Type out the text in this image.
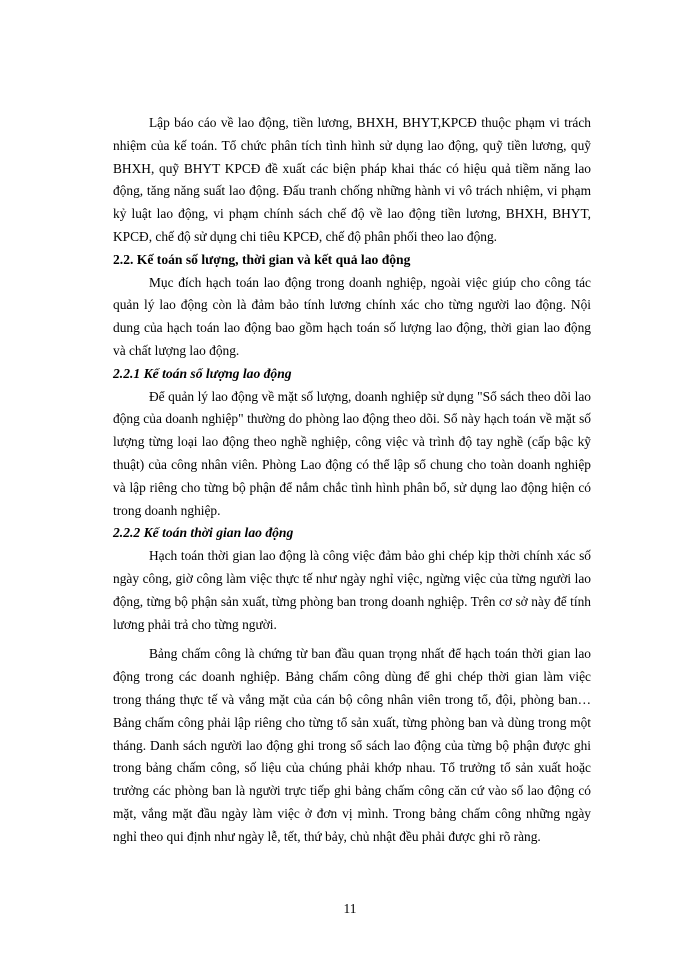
Lập báo cáo về lao động, tiền lương, BHXH, BHYT,KPCĐ thuộc phạm vi trách nhiệm của kế toán. Tổ chức phân tích tình hình sử dụng lao động, quỹ tiền lương, quỹ BHXH, quỹ BHYT KPCĐ đề xuất các biện pháp khai thác có hiệu quả tiềm năng lao động, tăng năng suất lao động. Đấu tranh chống những hành vi vô trách nhiệm, vi phạm kỷ luật lao động, vi phạm chính sách chế độ về lao động tiền lương, BHXH, BHYT, KPCĐ, chế độ sử dụng chi tiêu KPCĐ, chế độ phân phối theo lao động.

2.2. Kế toán số lượng, thời gian và kết quả lao động

Mục đích hạch toán lao động trong doanh nghiệp, ngoài việc giúp cho công tác quản lý lao động còn là đảm bảo tính lương chính xác cho từng người lao động. Nội dung của hạch toán lao động bao gồm hạch toán số lượng lao động, thời gian lao động và chất lượng lao động.

2.2.1 Kế toán số lượng lao động

Để quản lý lao động về mặt số lượng, doanh nghiệp sử dụng "Sổ sách theo dõi lao động của doanh nghiệp" thường do phòng lao động theo dõi. Sổ này hạch toán về mặt số lượng từng loại lao động theo nghề nghiệp, công việc và trình độ tay nghề (cấp bậc kỹ thuật) của công nhân viên. Phòng Lao động có thể lập sổ chung cho toàn doanh nghiệp và lập riêng cho từng bộ phận để nắm chắc tình hình phân bổ, sử dụng lao động hiện có trong doanh nghiệp.

2.2.2 Kế toán thời gian lao động

Hạch toán thời gian lao động là công việc đảm bảo ghi chép kịp thời chính xác số ngày công, giờ công làm việc thực tế như ngày nghỉ việc, ngừng việc của từng người lao động, từng bộ phận sản xuất, từng phòng ban trong doanh nghiệp. Trên cơ sở này để tính lương phải trả cho từng người.

Bảng chấm công là chứng từ ban đầu quan trọng nhất để hạch toán thời gian lao động trong các doanh nghiệp. Bảng chấm công dùng để ghi chép thời gian làm việc trong tháng thực tế và vắng mặt của cán bộ công nhân viên trong tổ, đội, phòng ban… Bảng chấm công phải lập riêng cho từng tổ sản xuất, từng phòng ban và dùng trong một tháng. Danh sách người lao động ghi trong sổ sách lao động của từng bộ phận được ghi trong bảng chấm công, số liệu của chúng phải khớp nhau. Tổ trưởng tổ sản xuất hoặc trưởng các phòng ban là người trực tiếp ghi bảng chấm công căn cứ vào số lao động có mặt, vắng mặt đầu ngày làm việc ở đơn vị mình. Trong bảng chấm công những ngày nghỉ theo qui định như ngày lễ, tết, thứ bảy, chủ nhật đều phải được ghi rõ ràng.

11
